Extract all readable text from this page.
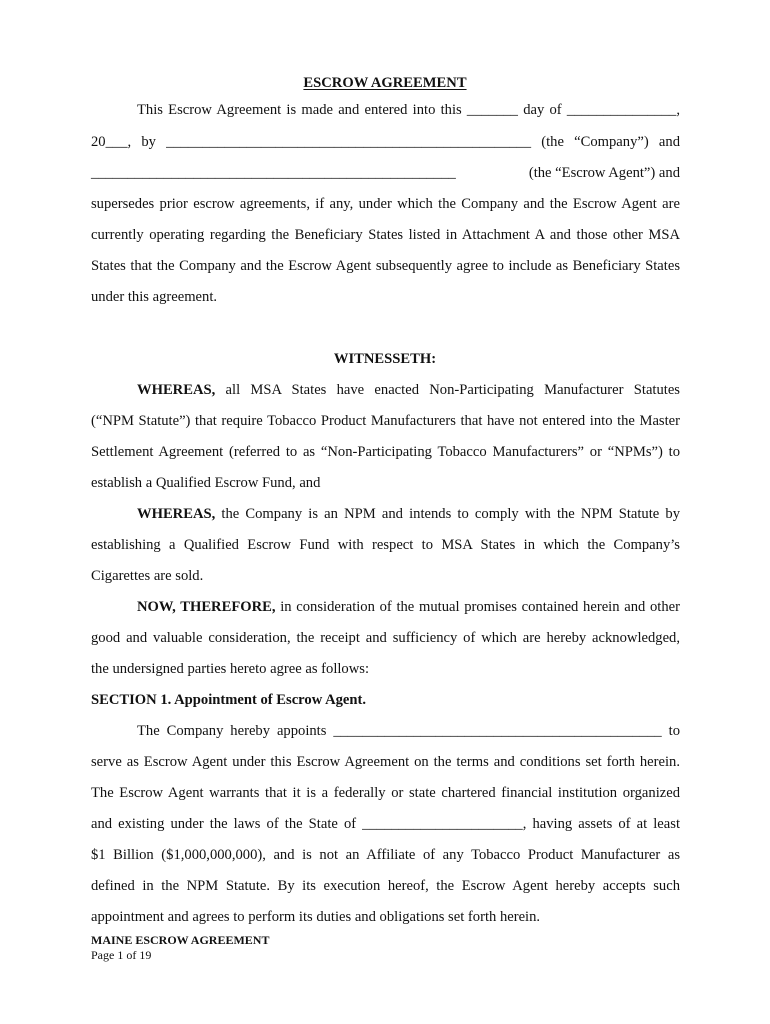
ESCROW AGREEMENT
This Escrow Agreement is made and entered into this _______ day of _______________,
20___, by __________________________________________________ (the “Company”) and
__________________________________________________	(the “Escrow Agent”) and
supersedes prior escrow agreements, if any, under which the Company and the Escrow Agent are
currently operating regarding the Beneficiary States listed in Attachment A and those other MSA
States that the Company and the Escrow Agent subsequently agree to include as Beneficiary States
under this agreement.
WITNESSETH:
WHEREAS, all MSA States have enacted Non-Participating Manufacturer Statutes
(“NPM Statute”) that require Tobacco Product Manufacturers that have not entered into the Master
Settlement Agreement (referred to as “Non-Participating Tobacco Manufacturers” or “NPMs”) to
establish a Qualified Escrow Fund, and
WHEREAS, the Company is an NPM and intends to comply with the NPM Statute by
establishing a Qualified Escrow Fund with respect to MSA States in which the Company’s
Cigarettes are sold.
NOW, THEREFORE, in consideration of the mutual promises contained herein and other
good and valuable consideration, the receipt and sufficiency of which are hereby acknowledged,
the undersigned parties hereto agree as follows:
SECTION 1. Appointment of Escrow Agent.
The Company hereby appoints _____________________________________________ to
serve as Escrow Agent under this Escrow Agreement on the terms and conditions set forth herein.
The Escrow Agent warrants that it is a federally or state chartered financial institution organized
and existing under the laws of the State of ______________________, having assets of at least
$1 Billion ($1,000,000,000), and is not an Affiliate of any Tobacco Product Manufacturer as
defined in the NPM Statute. By its execution hereof, the Escrow Agent hereby accepts such
appointment and agrees to perform its duties and obligations set forth herein.
MAINE ESCROW AGREEMENT
Page 1 of 19
